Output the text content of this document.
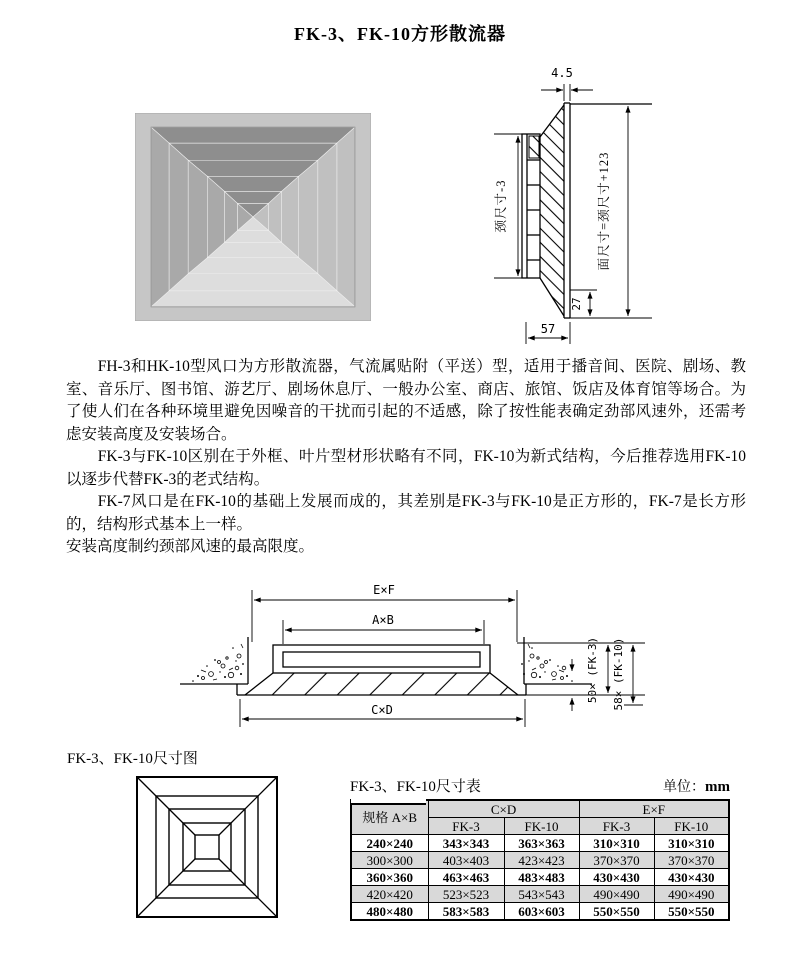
FK-3、FK-10方形散流器
4.5
颈尺寸-3	面尺寸=颈尺寸+123
27
57

FH-3和HK-10型风口为方形散流器，气流属贴附（平送）型，适用于播音间、医院、剧场、教室、音乐厅、图书馆、游艺厅、剧场休息厅、一般办公室、商店、旅馆、饭店及体育馆等场合。为了使人们在各种环境里避免因噪音的干扰而引起的不适感，除了按性能表确定劲部风速外，还需考虑安装高度及安装场合。

FK-3与FK-10区别在于外框、叶片型材形状略有不同，FK-10为新式结构，今后推荐选用FK-10以逐步代替FK-3的老式结构。

FK-7风口是在FK-10的基础上发展而成的，其差别是FK-3与FK-10是正方形的，FK-7是长方形的，结构形式基本上一样。

安装高度制约颈部风速的最高限度。

E×F
A×B
C×D
50× (FK-3) 58× (FK-10)
FK-3、FK-10尺寸图
FK-3、FK-10尺寸表	单位：mm
规格 A×B	C×D		E×F	
	FK-3	FK-10	FK-3	FK-10
240×240	343×343	363×363	310×310	310×310
300×300	403×403	423×423	370×370	370×370
360×360	463×463	483×483	430×430	430×430
420×420	523×523	543×543	490×490	490×490
480×480	583×583	603×603	550×550	550×550
